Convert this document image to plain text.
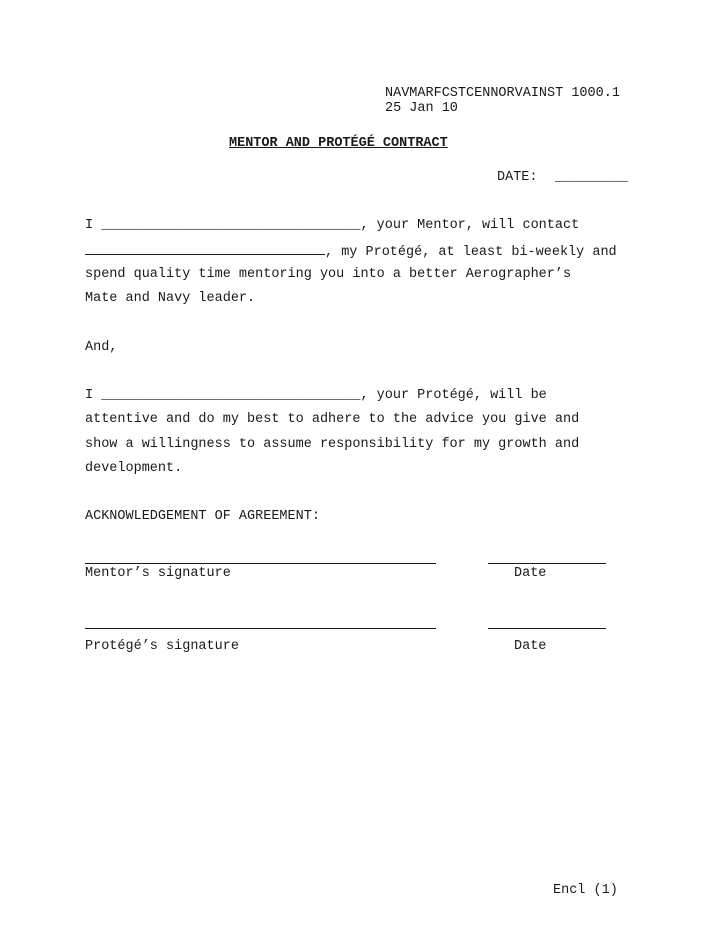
NAVMARFCSTCENNORVAINST 1000.1
25 Jan 10
MENTOR AND PROTÉGÉ CONTRACT
DATE: _________
I ________________________________, your Mentor, will contact
, my Protégé, at least bi-weekly and
spend quality time mentoring you into a better Aerographer’s
Mate and Navy leader.
And,
I ________________________________, your Protégé, will be
attentive and do my best to adhere to the advice you give and
show a willingness to assume responsibility for my growth and
development.
ACKNOWLEDGEMENT OF AGREEMENT:
Mentor’s signature	Date
Protégé’s signature	Date
Encl (1)
